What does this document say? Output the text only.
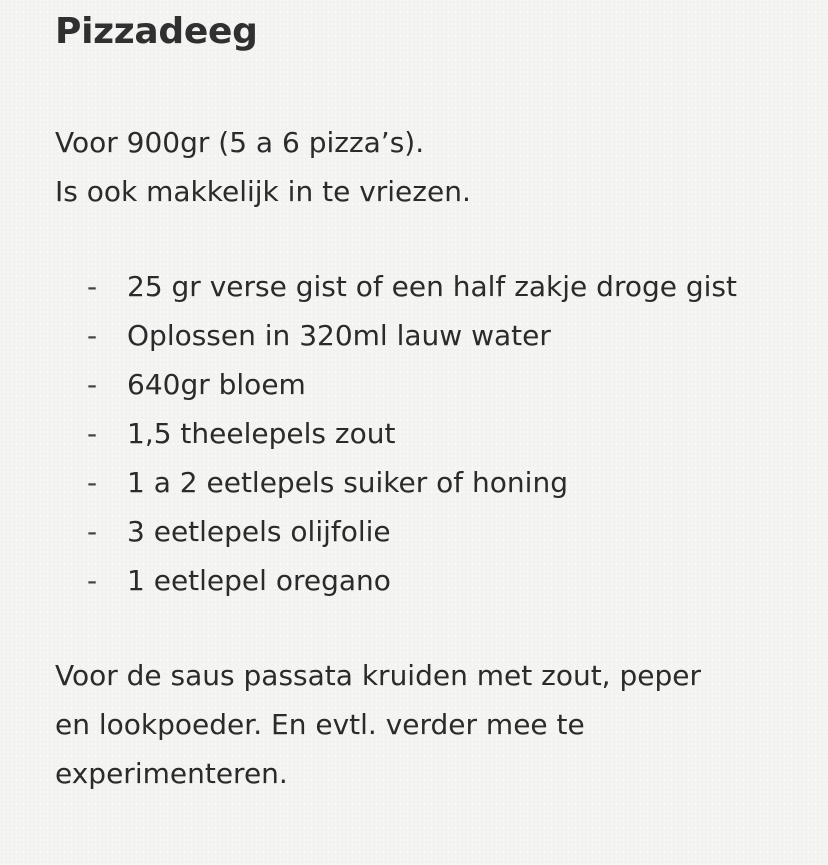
Pizzadeeg
Voor 900gr (5 a 6 pizza’s).
Is ook makkelijk in te vriezen.
- 25 gr verse gist of een half zakje droge gist
- Oplossen in 320ml lauw water
- 640gr bloem
- 1,5 theelepels zout
- 1 a 2 eetlepels suiker of honing
- 3 eetlepels olijfolie
- 1 eetlepel oregano
Voor de saus passata kruiden met zout, peper
en lookpoeder. En evtl. verder mee te
experimenteren.
